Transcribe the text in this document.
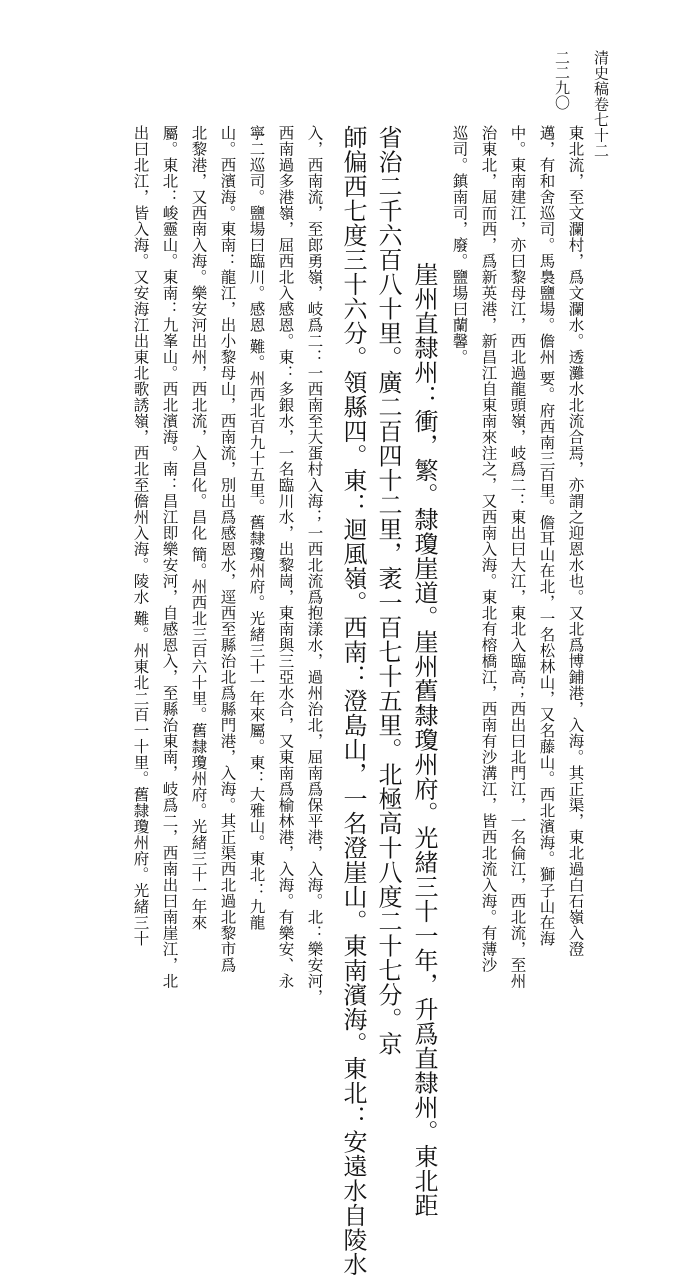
清史稿卷七十二
二二九〇
東北流，至文瀾村，爲文瀾水。透灘水北流合焉，亦謂之迎恩水也。又北爲博鋪港，入海。其正渠，東北過白石嶺入澄
邁，有和舍巡司。馬裊鹽場。儋州 要。府西南三百里。儋耳山在北，一名松林山，又名藤山。西北濱海。獅子山在海
中。東南建江，亦曰黎母江，西北過龍頭嶺，岐爲二：東出曰大江，東北入臨高；西出曰北門江，一名倫江，西北流，至州
治東北，屈而西，爲新英港，新昌江自東南來注之，又西南入海。東北有榕橋江，西南有沙溝江，皆西北流入海。有薄沙
巡司。鎮南司，廢。鹽場曰蘭馨。
崖州直隸州：衝，繁。隸瓊崖道。崖州舊隸瓊州府。光緒三十一年，升爲直隸州。東北距
省治二千六百八十里。廣二百四十二里，袤一百七十五里。北極高十八度二十七分。京
師偏西七度三十六分。領縣四。東：迴風嶺。西南：澄島山，一名澄崖山。東南濱海。東北：安遠水自陵水
入，西南流，至郎勇嶺，岐爲二：一西南至大蛋村入海；一西北流爲抱漾水，過州治北，屈南爲保平港，入海。北：樂安河，
西南過多港嶺，屈西北入感恩。東：多銀水，一名臨川水，出黎崗，東南與三亞水合，又東南爲榆林港，入海。有樂安、永
寧二巡司。鹽場曰臨川。感恩 難。州西北百九十五里。舊隸瓊州府。光緒三十一年來屬。東：大雅山。東北：九龍
山。西濱海。東南：龍江，出小黎母山，西南流，別出爲感恩水，逕西至縣治北爲縣門港，入海。其正渠西北過北黎市爲
北黎港，又西南入海。樂安河出州，西北流，入昌化。昌化 簡。州西北三百六十里。舊隸瓊州府。光緒三十一年來
屬。東北：峻靈山。東南：九峯山。西北濱海。南：昌江即樂安河，自感恩入，至縣治東南，岐爲二，西南出曰南崖江，北
出曰北江，皆入海。又安海江出東北歌誘嶺，西北至儋州入海。陵水 難。州東北二百一十里。舊隸瓊州府。光緒三十
